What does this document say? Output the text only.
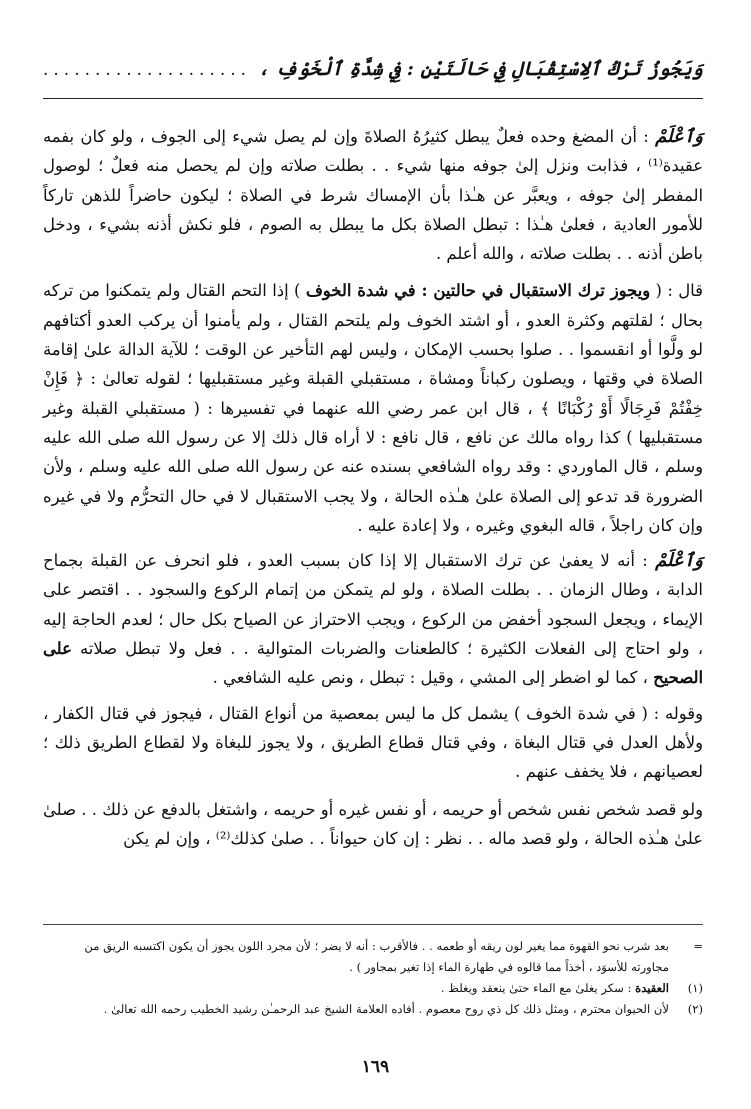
وَيَجُوزُ تَرْكُ ٱلِاسْتِقْبَالِ فِي حَالَتَيْنِ : فِي شِدَّةِ ٱلْخَوْفِ ،
....................

وَٱعْلَمْ : أن المضغ وحده فعلٌ يبطل كثيرُهُ الصلاةَ وإن لم يصل شيء إلى الجوف ، ولو كان بفمه عقيدة⁽¹⁾ ، فذابت ونزل إلىٰ جوفه منها شيء . . بطلت صلاته وإن لم يحصل منه فعلٌ ؛ لوصول المفطر إلىٰ جوفه ، ويعبَّر عن هـٰذا بأن الإمساك شرط في الصلاة ؛ ليكون حاضراً للذهن تاركاً للأمور العادية ، فعلىٰ هـٰذا : تبطل الصلاة بكل ما يبطل به الصوم ، فلو نكش أذنه بشيء ، ودخل باطن أذنه . . بطلت صلاته ، والله أعلم .

قال : ( ويجوز ترك الاستقبال في حالتين : في شدة الخوف ) إذا التحم القتال ولم يتمكنوا من تركه بحال ؛ لقلتهم وكثرة العدو ، أو اشتد الخوف ولم يلتحم القتال ، ولم يأمنوا أن يركب العدو أكتافهم لو ولَّوا أو انقسموا . . صلوا بحسب الإمكان ، وليس لهم التأخير عن الوقت ؛ للآية الدالة علىٰ إقامة الصلاة في وقتها ، ويصلون ركباناً ومشاة ، مستقبلي القبلة وغير مستقبليها ؛ لقوله تعالىٰ : ﴿ فَإِنْ خِفْتُمْ فَرِجَالًا أَوْ رُكْبَانًا ﴾ ، قال ابن عمر رضي الله عنهما في تفسيرها : ( مستقبلي القبلة وغير مستقبليها ) كذا رواه مالك عن نافع ، قال نافع : لا أراه قال ذلك إلا عن رسول الله صلى الله عليه وسلم ، قال الماوردي : وقد رواه الشافعي بسنده عنه عن رسول الله صلى الله عليه وسلم ، ولأن الضرورة قد تدعو إلى الصلاة علىٰ هـٰذه الحالة ، ولا يجب الاستقبال لا في حال التحرُّم ولا في غيره وإن كان راجلاً ، قاله البغوي وغيره ، ولا إعادة عليه .

وَٱعْلَمْ : أنه لا يعفىٰ عن ترك الاستقبال إلا إذا كان بسبب العدو ، فلو انحرف عن القبلة بجماح الدابة ، وطال الزمان . . بطلت الصلاة ، ولو لم يتمكن من إتمام الركوع والسجود . . اقتصر على الإيماء ، ويجعل السجود أخفض من الركوع ، ويجب الاحتراز عن الصياح بكل حال ؛ لعدم الحاجة إليه ، ولو احتاج إلى الفعلات الكثيرة ؛ كالطعنات والضربات المتوالية . . فعل ولا تبطل صلاته على الصحيح ، كما لو اضطر إلى المشي ، وقيل : تبطل ، ونص عليه الشافعي .

وقوله : ( في شدة الخوف ) يشمل كل ما ليس بمعصية من أنواع القتال ، فيجوز في قتال الكفار ، ولأهل العدل في قتال البغاة ، وفي قتال قطاع الطريق ، ولا يجوز للبغاة ولا لقطاع الطريق ذلك ؛ لعصيانهم ، فلا يخفف عنهم .

ولو قصد شخص نفس شخص أو حريمه ، أو نفس غيره أو حريمه ، واشتغل بالدفع عن ذلك . . صلىٰ علىٰ هـٰذه الحالة ، ولو قصد ماله . . نظر : إن كان حيواناً . . صلىٰ كذلك⁽²⁾ ، وإن لم يكن

=
بعد شرب نحو القهوة مما يغير لون ريقه أو طعمه . . فالأقرب : أنه لا يضر ؛ لأن مجرد اللون يجوز أن يكون اكتسبه الريق من مجاورته للأسوَد ، أخذاً مما قالوه في طهارة الماء إذا تغير بمجاور ) .
(١)
العقيدة : سكر يغلىٰ مع الماء حتىٰ ينعقد ويغلظ .
(٢)
لأن الحيوان محترم ، ومثل ذلك كل ذي روح معصوم . أفاده العلامة الشيخ عبد الرحمـٰن رشيد الخطيب رحمه الله تعالىٰ .
١٦٩
